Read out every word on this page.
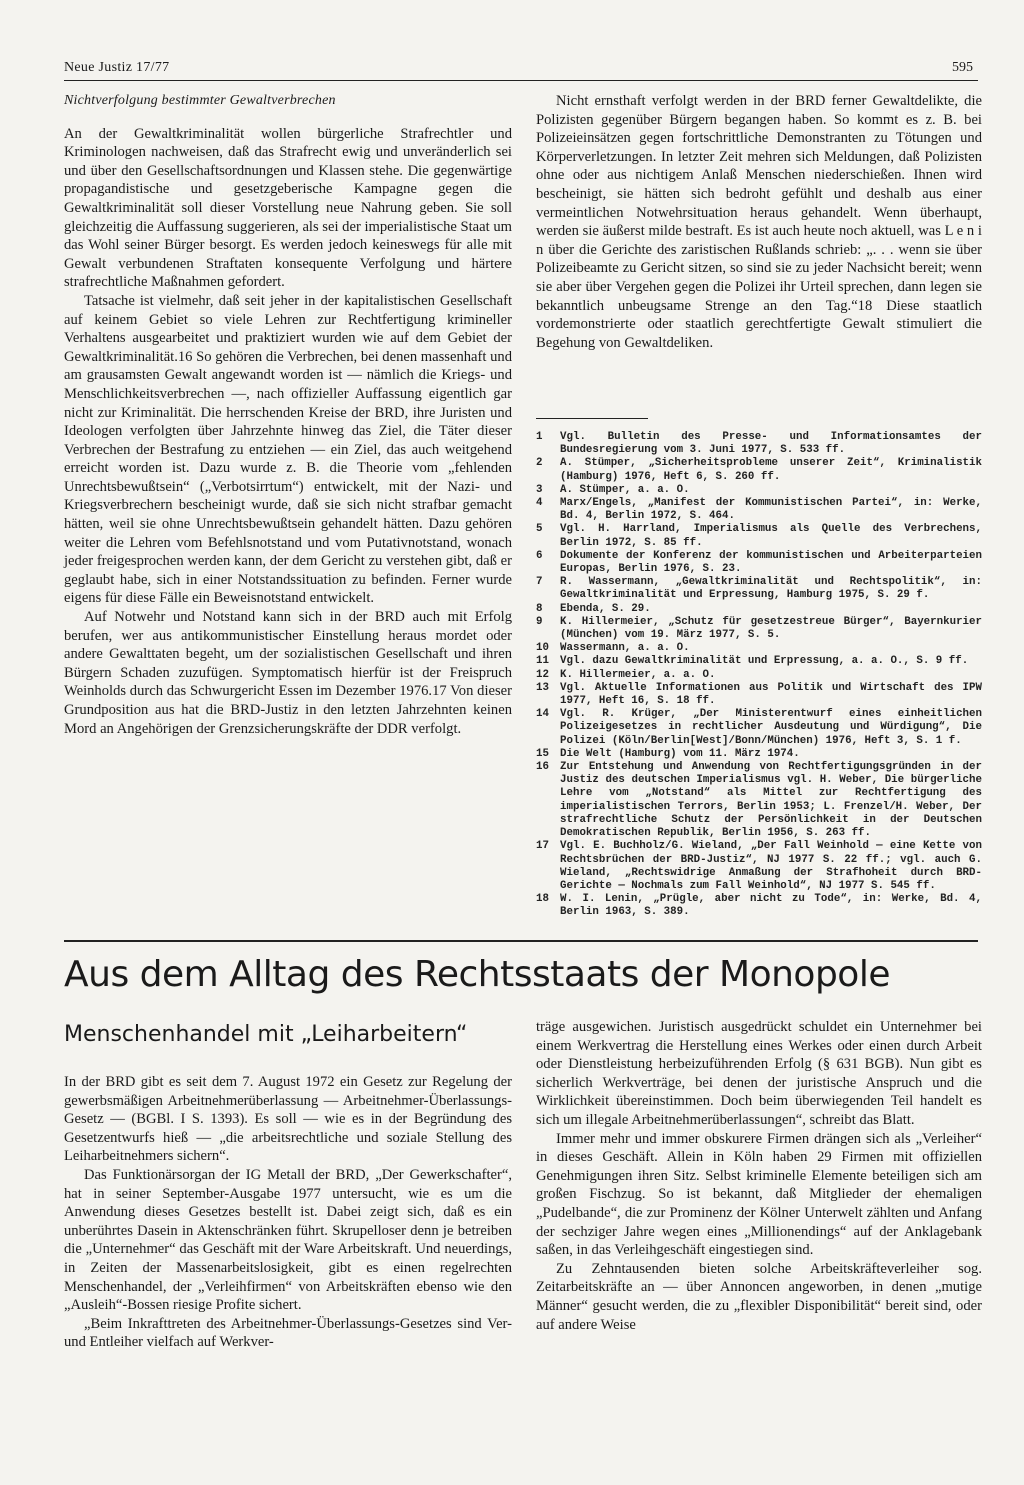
Neue Justiz 17/77	595
Nichtverfolgung bestimmter Gewaltverbrechen

An der Gewaltkriminalität wollen bürgerliche Strafrechtler und Kriminologen nachweisen, daß das Strafrecht ewig und unveränderlich sei und über den Gesellschaftsordnungen und Klassen stehe. Die gegenwärtige propagandistische und gesetzgeberische Kampagne gegen die Gewaltkriminalität soll dieser Vorstellung neue Nahrung geben. Sie soll gleichzeitig die Auffassung suggerieren, als sei der imperialistische Staat um das Wohl seiner Bürger besorgt. Es werden jedoch keineswegs für alle mit Gewalt verbundenen Straftaten konsequente Verfolgung und härtere strafrechtliche Maßnahmen gefordert.

Tatsache ist vielmehr, daß seit jeher in der kapitalistischen Gesellschaft auf keinem Gebiet so viele Lehren zur Rechtfertigung krimineller Verhaltens ausgearbeitet und praktiziert wurden wie auf dem Gebiet der Gewaltkriminalität.16 So gehören die Verbrechen, bei denen massenhaft und am grausamsten Gewalt angewandt worden ist — nämlich die Kriegs- und Menschlichkeitsverbrechen —, nach offizieller Auffassung eigentlich gar nicht zur Kriminalität. Die herrschenden Kreise der BRD, ihre Juristen und Ideologen verfolgten über Jahrzehnte hinweg das Ziel, die Täter dieser Verbrechen der Bestrafung zu entziehen — ein Ziel, das auch weitgehend erreicht worden ist. Dazu wurde z. B. die Theorie vom „fehlenden Unrechtsbewußtsein“ („Verbotsirrtum“) entwickelt, mit der Nazi- und Kriegsverbrechern bescheinigt wurde, daß sie sich nicht strafbar gemacht hätten, weil sie ohne Unrechtsbewußtsein gehandelt hätten. Dazu gehören weiter die Lehren vom Befehlsnotstand und vom Putativnotstand, wonach jeder freigesprochen werden kann, der dem Gericht zu verstehen gibt, daß er geglaubt habe, sich in einer Notstandssituation zu befinden. Ferner wurde eigens für diese Fälle ein Beweisnotstand entwickelt.

Auf Notwehr und Notstand kann sich in der BRD auch mit Erfolg berufen, wer aus antikommunistischer Einstellung heraus mordet oder andere Gewalttaten begeht, um der sozialistischen Gesellschaft und ihren Bürgern Schaden zuzufügen. Symptomatisch hierfür ist der Freispruch Weinholds durch das Schwurgericht Essen im Dezember 1976.17 Von dieser Grundposition aus hat die BRD-Justiz in den letzten Jahrzehnten keinen Mord an Angehörigen der Grenzsicherungskräfte der DDR verfolgt.

Nicht ernsthaft verfolgt werden in der BRD ferner Gewaltdelikte, die Polizisten gegenüber Bürgern begangen haben. So kommt es z. B. bei Polizeieinsätzen gegen fortschrittliche Demonstranten zu Tötungen und Körperverletzungen. In letzter Zeit mehren sich Meldungen, daß Polizisten ohne oder aus nichtigem Anlaß Menschen niederschießen. Ihnen wird bescheinigt, sie hätten sich bedroht gefühlt und deshalb aus einer vermeintlichen Notwehrsituation heraus gehandelt. Wenn überhaupt, werden sie äußerst milde bestraft. Es ist auch heute noch aktuell, was L e n i n über die Gerichte des zaristischen Rußlands schrieb: „. . . wenn sie über Polizeibeamte zu Gericht sitzen, so sind sie zu jeder Nachsicht bereit; wenn sie aber über Vergehen gegen die Polizei ihr Urteil sprechen, dann legen sie bekanntlich unbeugsame Strenge an den Tag.“18 Diese staatlich vordemonstrierte oder staatlich gerechtfertigte Gewalt stimuliert die Begehung von Gewaltdeliken.

1	Vgl. Bulletin des Presse- und Informationsamtes der Bundesregierung vom 3. Juni 1977, S. 533 ff.
2	A. Stümper, „Sicherheitsprobleme unserer Zeit“, Kriminalistik (Hamburg) 1976, Heft 6, S. 260 ff.
3	A. Stümper, a. a. O.
4	Marx/Engels, „Manifest der Kommunistischen Partei“, in: Werke, Bd. 4, Berlin 1972, S. 464.
5	Vgl. H. Harrland, Imperialismus als Quelle des Verbrechens, Berlin 1972, S. 85 ff.
6	Dokumente der Konferenz der kommunistischen und Arbeiterparteien Europas, Berlin 1976, S. 23.
7	R. Wassermann, „Gewaltkriminalität und Rechtspolitik“, in: Gewaltkriminalität und Erpressung, Hamburg 1975, S. 29 f.
8	Ebenda, S. 29.
9	K. Hillermeier, „Schutz für gesetzestreue Bürger“, Bayernkurier (München) vom 19. März 1977, S. 5.
10	Wassermann, a. a. O.
11	Vgl. dazu Gewaltkriminalität und Erpressung, a. a. O., S. 9 ff.
12	K. Hillermeier, a. a. O.
13	Vgl. Aktuelle Informationen aus Politik und Wirtschaft des IPW 1977, Heft 16, S. 18 ff.
14	Vgl. R. Krüger, „Der Ministerentwurf eines einheitlichen Polizeigesetzes in rechtlicher Ausdeutung und Würdigung“, Die Polizei (Köln/Berlin[West]/Bonn/München) 1976, Heft 3, S. 1 f.
15	Die Welt (Hamburg) vom 11. März 1974.
16	Zur Entstehung und Anwendung von Rechtfertigungsgründen in der Justiz des deutschen Imperialismus vgl. H. Weber, Die bürgerliche Lehre vom „Notstand“ als Mittel zur Rechtfertigung des imperialistischen Terrors, Berlin 1953; L. Frenzel/H. Weber, Der strafrechtliche Schutz der Persönlichkeit in der Deutschen Demokratischen Republik, Berlin 1956, S. 263 ff.
17	Vgl. E. Buchholz/G. Wieland, „Der Fall Weinhold — eine Kette von Rechtsbrüchen der BRD-Justiz“, NJ 1977 S. 22 ff.; vgl. auch G. Wieland, „Rechtswidrige Anmaßung der Strafhoheit durch BRD-Gerichte — Nochmals zum Fall Weinhold“, NJ 1977 S. 545 ff.
18	W. I. Lenin, „Prügle, aber nicht zu Tode“, in: Werke, Bd. 4, Berlin 1963, S. 389.
Aus dem Alltag des Rechtsstaats der Monopole
Menschenhandel mit „Leiharbeitern“

In der BRD gibt es seit dem 7. August 1972 ein Gesetz zur Regelung der gewerbsmäßigen Arbeitnehmerüberlassung — Arbeitnehmer-Überlassungs-Gesetz — (BGBl. I S. 1393). Es soll — wie es in der Begründung des Gesetzentwurfs hieß — „die arbeitsrechtliche und soziale Stellung des Leiharbeitnehmers sichern“.

Das Funktionärsorgan der IG Metall der BRD, „Der Gewerkschafter“, hat in seiner September-Ausgabe 1977 untersucht, wie es um die Anwendung dieses Gesetzes bestellt ist. Dabei zeigt sich, daß es ein unberührtes Dasein in Aktenschränken führt. Skrupelloser denn je betreiben die „Unternehmer“ das Geschäft mit der Ware Arbeitskraft. Und neuerdings, in Zeiten der Massenarbeitslosigkeit, gibt es einen regelrechten Menschenhandel, der „Verleihfirmen“ von Arbeitskräften ebenso wie den „Ausleih“-Bossen riesige Profite sichert.

„Beim Inkrafttreten des Arbeitnehmer-Überlassungs-Gesetzes sind Ver- und Entleiher vielfach auf Werkver-

träge ausgewichen. Juristisch ausgedrückt schuldet ein Unternehmer bei einem Werkvertrag die Herstellung eines Werkes oder einen durch Arbeit oder Dienstleistung herbeizuführenden Erfolg (§ 631 BGB). Nun gibt es sicherlich Werkverträge, bei denen der juristische Anspruch und die Wirklichkeit übereinstimmen. Doch beim überwiegenden Teil handelt es sich um illegale Arbeitnehmerüberlassungen“, schreibt das Blatt.

Immer mehr und immer obskurere Firmen drängen sich als „Verleiher“ in dieses Geschäft. Allein in Köln haben 29 Firmen mit offiziellen Genehmigungen ihren Sitz. Selbst kriminelle Elemente beteiligen sich am großen Fischzug. So ist bekannt, daß Mitglieder der ehemaligen „Pudelbande“, die zur Prominenz der Kölner Unterwelt zählten und Anfang der sechziger Jahre wegen eines „Millionendings“ auf der Anklagebank saßen, in das Verleihgeschäft eingestiegen sind.

Zu Zehntausenden bieten solche Arbeitskräfteverleiher sog. Zeitarbeitskräfte an — über Annoncen angeworben, in denen „mutige Männer“ gesucht werden, die zu „flexibler Disponibilität“ bereit sind, oder auf andere Weise
